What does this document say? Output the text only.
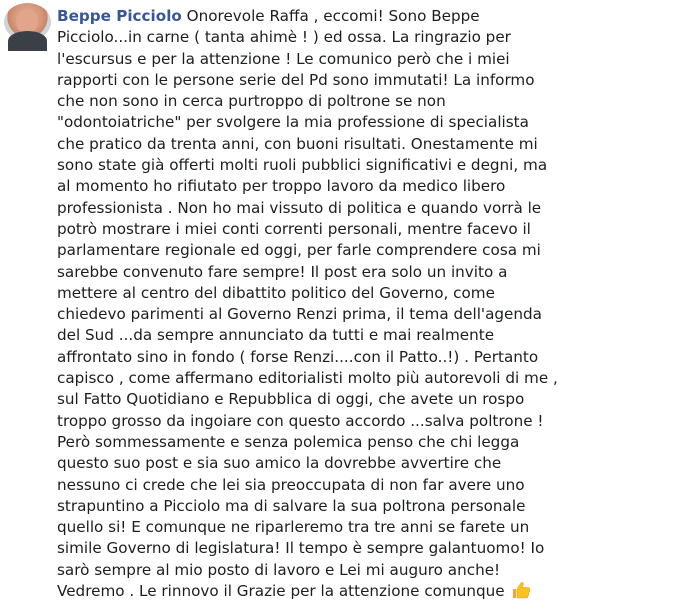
Beppe Picciolo Onorevole Raffa , eccomi! Sono Beppe
Picciolo...in carne ( tanta ahimè ! ) ed ossa. La ringrazio per
l'escursus e per la attenzione ! Le comunico però che i miei
rapporti con le persone serie del Pd sono immutati! La informo
che non sono in cerca purtroppo di poltrone se non
"odontoiatriche" per svolgere la mia professione di specialista
che pratico da trenta anni, con buoni risultati. Onestamente mi
sono state già offerti molti ruoli pubblici significativi e degni, ma
al momento ho rifiutato per troppo lavoro da medico libero
professionista . Non ho mai vissuto di politica e quando vorrà le
potrò mostrare i miei conti correnti personali, mentre facevo il
parlamentare regionale ed oggi, per farle comprendere cosa mi
sarebbe convenuto fare sempre! Il post era solo un invito a
mettere al centro del dibattito politico del Governo, come
chiedevo parimenti al Governo Renzi prima, il tema dell'agenda
del Sud ...da sempre annunciato da tutti e mai realmente
affrontato sino in fondo ( forse Renzi....con il Patto..!) . Pertanto
capisco , come affermano editorialisti molto più autorevoli di me ,
sul Fatto Quotidiano e Repubblica di oggi, che avete un rospo
troppo grosso da ingoiare con questo accordo ...salva poltrone !
Però sommessamente e senza polemica penso che chi legga
questo suo post e sia suo amico la dovrebbe avvertire che
nessuno ci crede che lei sia preoccupata di non far avere uno
strapuntino a Picciolo ma di salvare la sua poltrona personale
quello si! E comunque ne riparleremo tra tre anni se farete un
simile Governo di legislatura! Il tempo è sempre galantuomo! Io
sarò sempre al mio posto di lavoro e Lei mi auguro anche!
Vedremo . Le rinnovo il Grazie per la attenzione comunque
